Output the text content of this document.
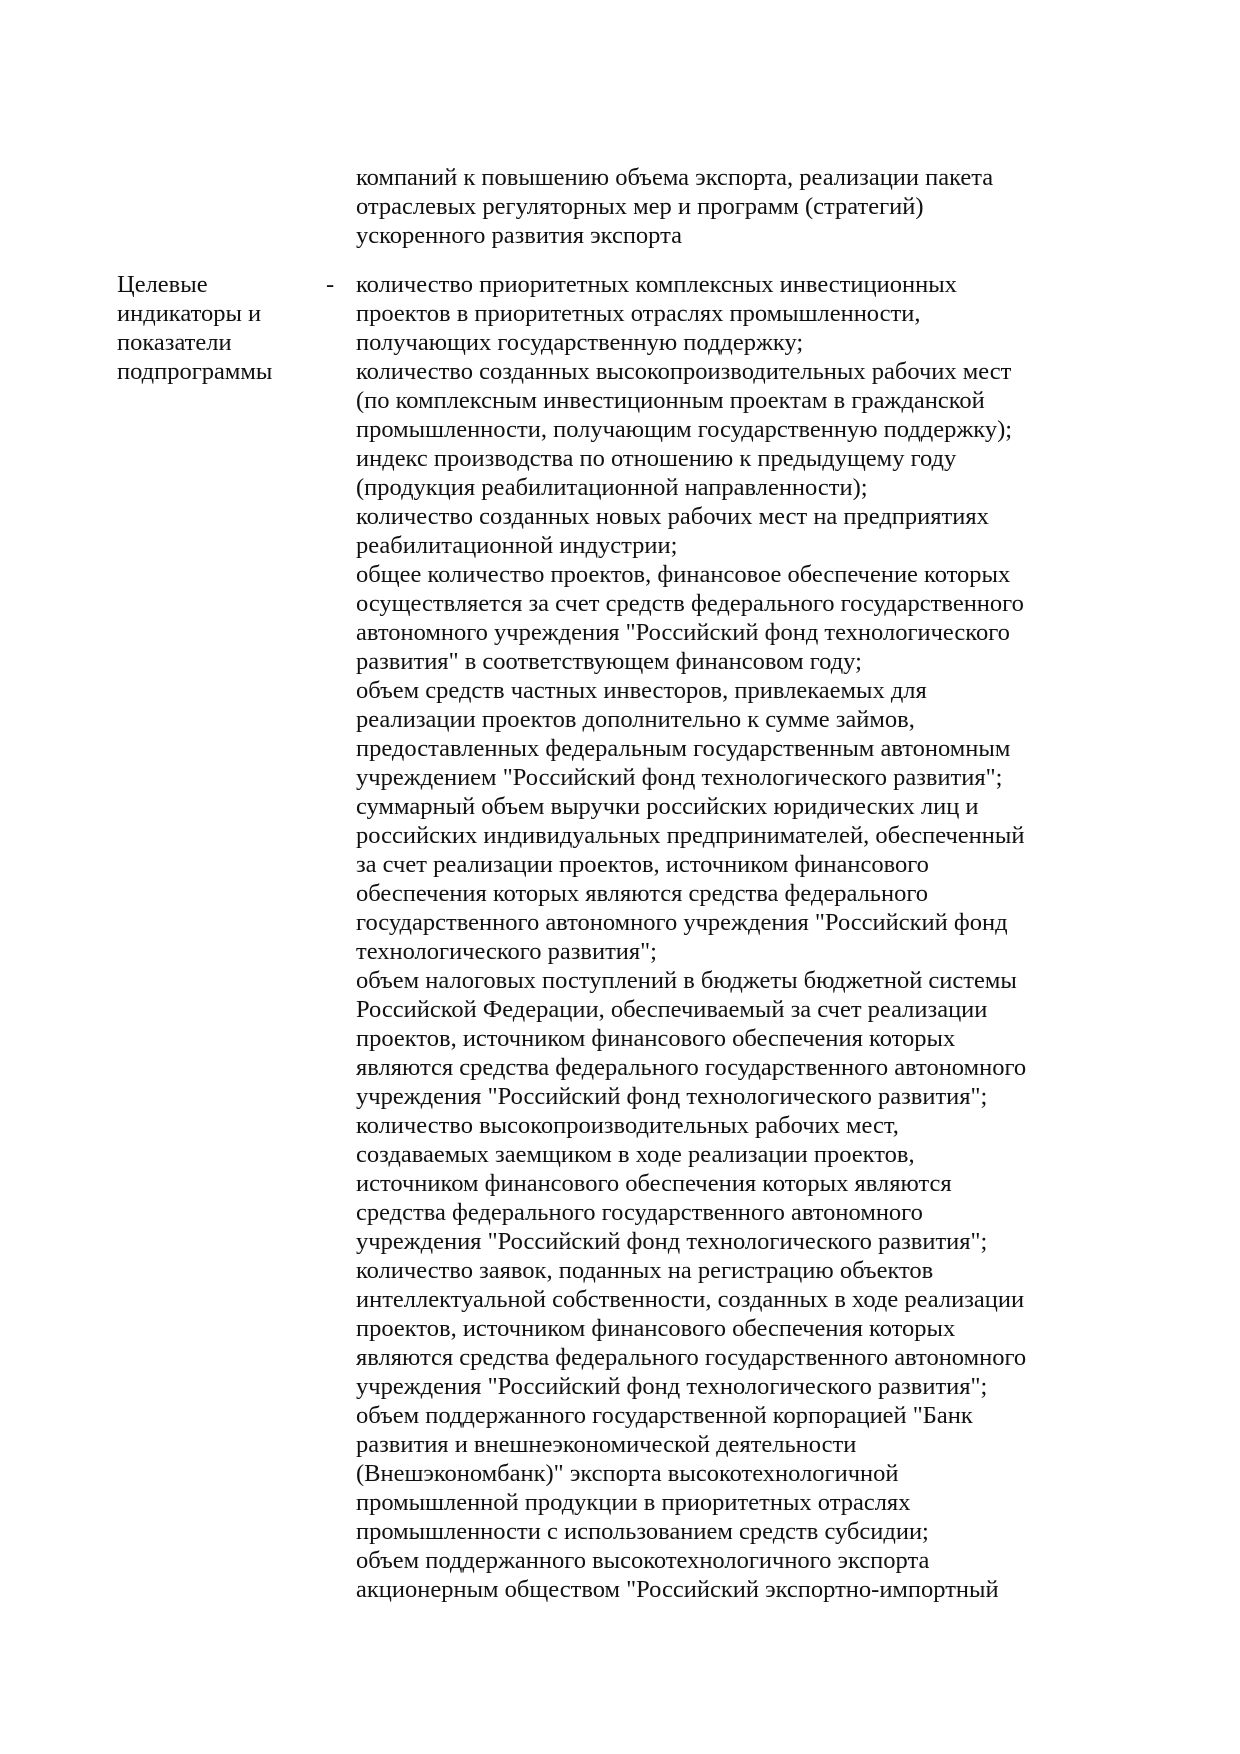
компаний к повышению объема экспорта, реализации пакета
отраслевых регуляторных мер и программ (стратегий)
ускоренного развития экспорта
Целевые
индикаторы и
показатели
подпрограммы
- количество приоритетных комплексных инвестиционных
проектов в приоритетных отраслях промышленности,
получающих государственную поддержку;
количество созданных высокопроизводительных рабочих мест
(по комплексным инвестиционным проектам в гражданской
промышленности, получающим государственную поддержку);
индекс производства по отношению к предыдущему году
(продукция реабилитационной направленности);
количество созданных новых рабочих мест на предприятиях
реабилитационной индустрии;
общее количество проектов, финансовое обеспечение которых
осуществляется за счет средств федерального государственного
автономного учреждения "Российский фонд технологического
развития" в соответствующем финансовом году;
объем средств частных инвесторов, привлекаемых для
реализации проектов дополнительно к сумме займов,
предоставленных федеральным государственным автономным
учреждением "Российский фонд технологического развития";
суммарный объем выручки российских юридических лиц и
российских индивидуальных предпринимателей, обеспеченный
за счет реализации проектов, источником финансового
обеспечения которых являются средства федерального
государственного автономного учреждения "Российский фонд
технологического развития";
объем налоговых поступлений в бюджеты бюджетной системы
Российской Федерации, обеспечиваемый за счет реализации
проектов, источником финансового обеспечения которых
являются средства федерального государственного автономного
учреждения "Российский фонд технологического развития";
количество высокопроизводительных рабочих мест,
создаваемых заемщиком в ходе реализации проектов,
источником финансового обеспечения которых являются
средства федерального государственного автономного
учреждения "Российский фонд технологического развития";
количество заявок, поданных на регистрацию объектов
интеллектуальной собственности, созданных в ходе реализации
проектов, источником финансового обеспечения которых
являются средства федерального государственного автономного
учреждения "Российский фонд технологического развития";
объем поддержанного государственной корпорацией "Банк
развития и внешнеэкономической деятельности
(Внешэкономбанк)" экспорта высокотехнологичной
промышленной продукции в приоритетных отраслях
промышленности с использованием средств субсидии;
объем поддержанного высокотехнологичного экспорта
акционерным обществом "Российский экспортно-импортный
